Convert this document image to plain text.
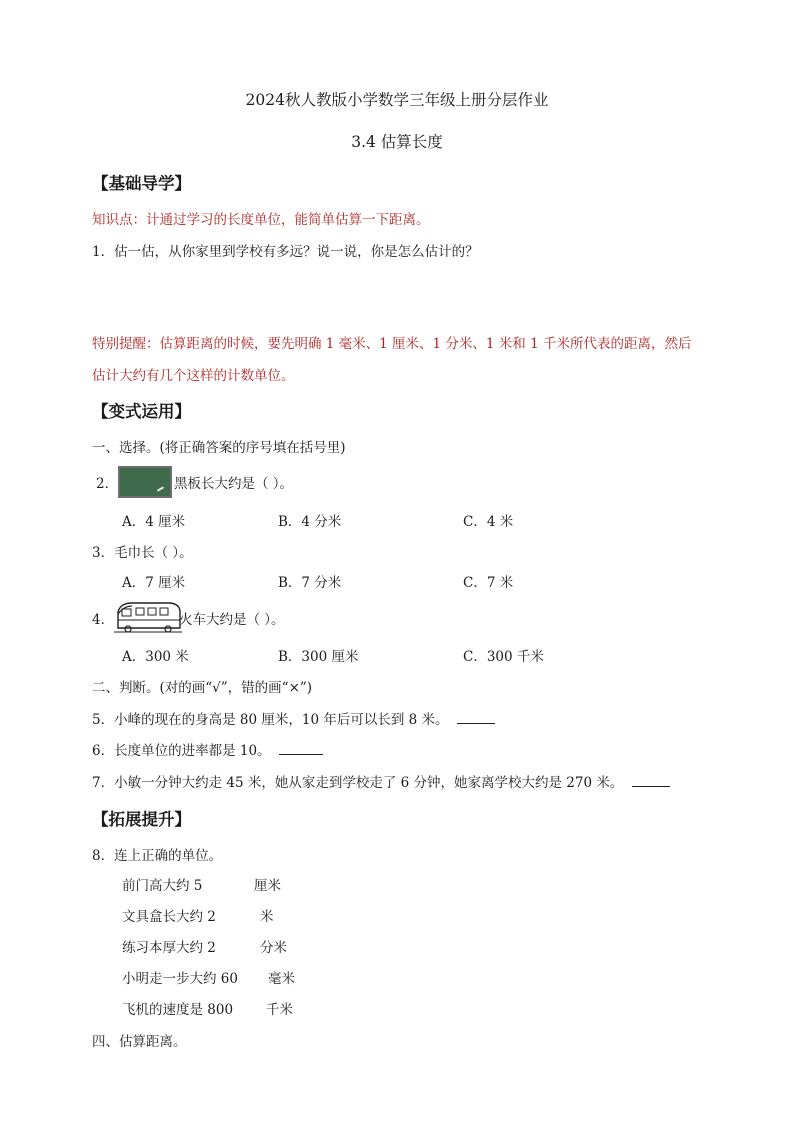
2024秋人教版小学数学三年级上册分层作业
3.4 估算长度
【基础导学】
知识点：计通过学习的长度单位，能简单估算一下距离。
1．估一估，从你家里到学校有多远？说一说，你是怎么估计的？
特别提醒：估算距离的时候，要先明确 1 毫米、1 厘米、1 分米、1 米和 1 千米所代表的距离，然后
估计大约有几个这样的计数单位。
【变式运用】
一、选择。(将正确答案的序号填在括号里)
2．	黑板长大约是（ ）。
A．4 厘米	B．4 分米	C．4 米
3．毛巾长（ ）。
A．7 厘米	B．7 分米	C．7 米
4．	火车大约是（ ）。
A．300 米	B．300 厘米	C．300 千米
二、判断。(对的画“√”，错的画“×”)
5．小峰的现在的身高是 80 厘米，10 年后可以长到 8 米。
6．长度单位的进率都是 10。
7．小敏一分钟大约走 45 米，她从家走到学校走了 6 分钟，她家离学校大约是 270 米。
【拓展提升】
8．连上正确的单位。
前门高大约 5	厘米
文具盒长大约 2	米
练习本厚大约 2	分米
小明走一步大约 60 毫米
飞机的速度是 800 千米
四、估算距离。
